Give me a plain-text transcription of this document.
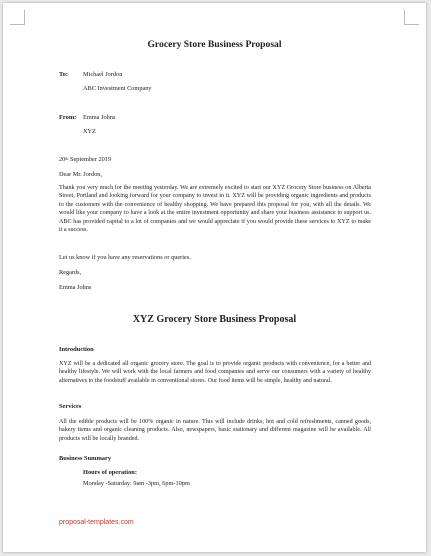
Grocery Store Business Proposal
To: Michael Jordon
ABC Investment Company
From: Emma Johns
XYZ
20th September 2019
Dear Mr. Jordon,
Thank you very much for the meeting yesterday. We are extremely excited to start our XYZ Grocery Store business on Alberta Street, Portland and looking forward for your company to invest in it. XYZ will be providing organic ingredients and products to the customers with the convenience of healthy shopping. We have prepared this proposal for you, with all the details. We would like your company to have a look at the entire investment opportunity and share your business assistance to support us. ABC has provided capital to a lot of companies and we would appreciate if you would provide these services to XYZ to make it a success.
Let us know if you have any reservations or queries.
Regards,
Emma Johns
XYZ Grocery Store Business Proposal
Introduction
XYZ will be a dedicated all organic grocery store. The goal is to provide organic products with convenience, for a better and healthy lifestyle. We will work with the local farmers and food companies and serve our consumers with a variety of healthy alternatives to the foodstuff available in conventional stores. Our food items will be simple, healthy and natural.
Services
All the edible products will be 100% organic in nature. This will include drinks, hot and cold refreshments, canned goods, bakery items and organic cleaning products. Also, newspapers, basic stationary and different magazine will be available. All products will be locally branded.
Business Summary
Hours of operation:
Monday -Saturday: 9am -3pm, 6pm-10pm
proposal-templates.com
